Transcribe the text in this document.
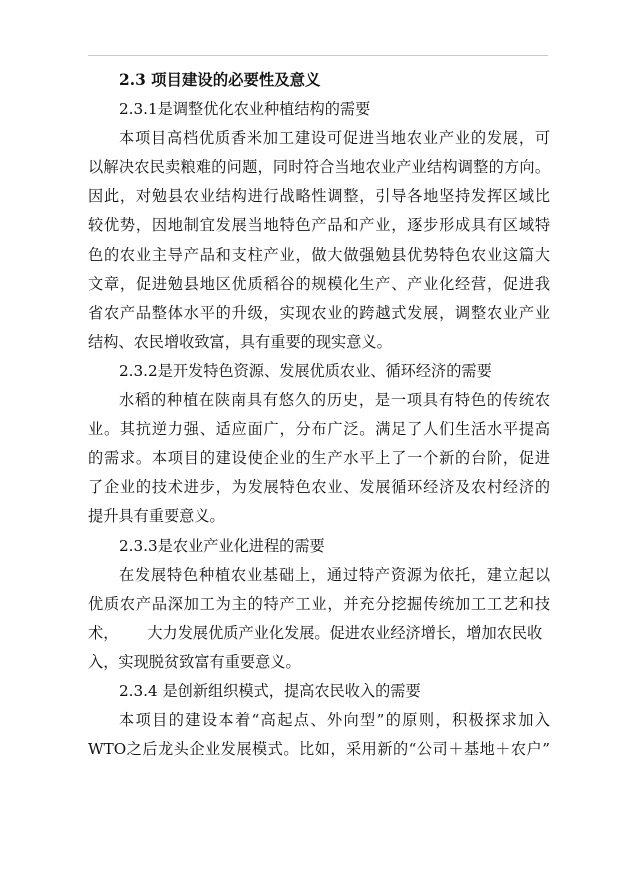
2.3 项目建设的必要性及意义
2.3.1是调整优化农业种植结构的需要

本项目高档优质香米加工建设可促进当地农业产业的发展，可
以解决农民卖粮难的问题，同时符合当地农业产业结构调整的方向。
因此，对勉县农业结构进行战略性调整，引导各地坚持发挥区域比
较优势，因地制宜发展当地特色产品和产业，逐步形成具有区域特
色的农业主导产品和支柱产业，做大做强勉县优势特色农业这篇大
文章，促进勉县地区优质稻谷的规模化生产、产业化经营，促进我
省农产品整体水平的升级，实现农业的跨越式发展，调整农业产业
结构、农民增收致富，具有重要的现实意义。

2.3.2是开发特色资源、发展优质农业、循环经济的需要

水稻的种植在陕南具有悠久的历史，是一项具有特色的传统农
业。其抗逆力强、适应面广，分布广泛。满足了人们生活水平提高
的需求。本项目的建设使企业的生产水平上了一个新的台阶，促进
了企业的技术进步，为发展特色农业、发展循环经济及农村经济的
提升具有重要意义。

2.3.3是农业产业化进程的需要

在发展特色种植农业基础上，通过特产资源为依托，建立起以
优质农产品深加工为主的特产工业，并充分挖掘传统加工工艺和技
术，      大力发展优质产业化发展。促进农业经济增长，增加农民收
入，实现脱贫致富有重要意义。

2.3.4 是创新组织模式，提高农民收入的需要

本项目的建设本着“高起点、外向型”的原则，积极探求加入
WTO之后龙头企业发展模式。比如，采用新的“公司＋基地＋农户”
